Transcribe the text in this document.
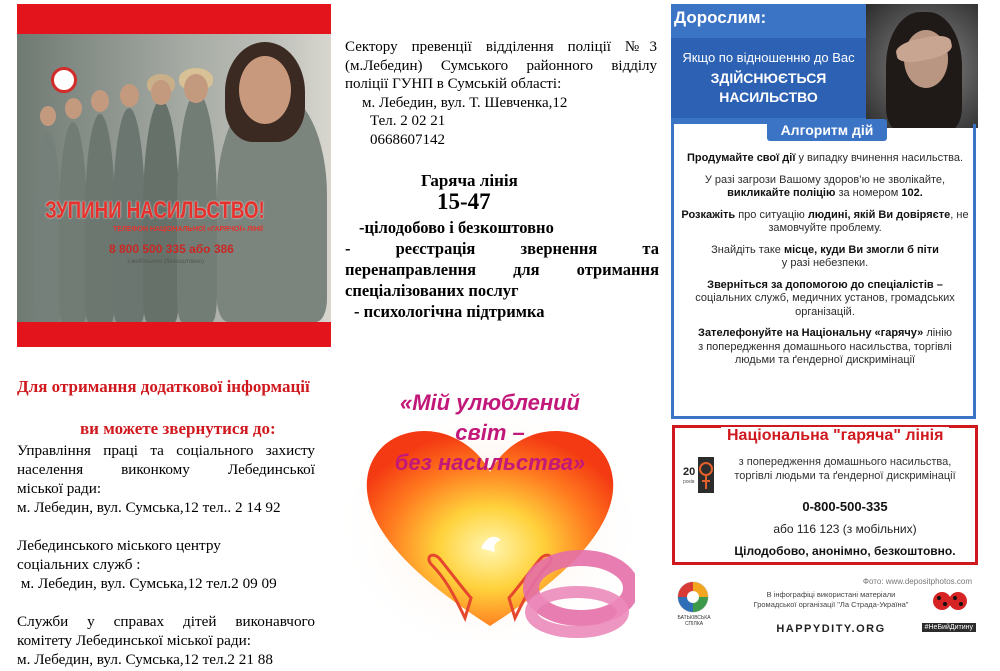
ЗУПИНИ НАСИЛЬСТВО!
ТЕЛЕФОН НАЦІОНАЛЬНОЇ «ГАРЯЧОЇ» ЛІНІЇ
8 800 500 335 або 386
з мобільного (безкоштовно)
Для отримання додаткової інформації
ви можете звернутися до:

Управління праці та соціального захисту

населення виконкому Лебединської

міської ради:

м. Лебедин, вул. Сумська,12 тел.. 2 14 92

Лебединського міського центру

соціальних служб :

м. Лебедин, вул. Сумська,12 тел.2 09 09

Служби у справах дітей виконавчого

комітету Лебединської міської ради:

м. Лебедин, вул. Сумська,12 тел.2 21 88

Сектору превенції відділення поліції №3

(м.Лебедин) Сумського районного відділу

поліції ГУНП в Сумській області:

м. Лебедин, вул. Т. Шевченка,12

Тел. 2 02 21

0668607142

Гаряча лінія
15-47

-цілодобово і безкоштовно

- реєстрація звернення та

перенаправлення для отримання

спеціалізованих послуг

- психологічна підтримка

«Мій улюблений
світ –
без насильства»
Дорослим:
Якщо по відношенню до Вас
ЗДІЙСНЮЄТЬСЯ
НАСИЛЬСТВО
Алгоритм дій

Продумайте свої дії у випадку вчинення насильства.

У разі загрози Вашому здоров’ю не зволікайте,
викликайте поліцію за номером 102.

Розкажіть про ситуацію людині, якій Ви довіряєте, не замовчуйте проблему.

Знайдіть таке місце, куди Ви змогли б піти
у разі небезпеки.

Зверніться за допомогою до спеціалістів –
соціальних служб, медичних установ, громадських організацій.

Зателефонуйте на Національну «гарячу» лінію
з попередження домашнього насильства, торгівлі людьми та ґендерної дискримінації

Національна "гаряча" лінія
20
років
з попередження домашнього насильства,
торгівлі людьми та ґендерної дискримінації
0-800-500-335
або 116 123 (з мобільних)
Цілодобово, анонімно, безкоштовно.
Фото: www.depositphotos.com
БАТЬКІВСЬКА СПІЛКА
В інфографіці використані матеріали
Громадської організації "Ла Страда-Україна"
HAPPYDITY.ORG	#НеБийДитину
